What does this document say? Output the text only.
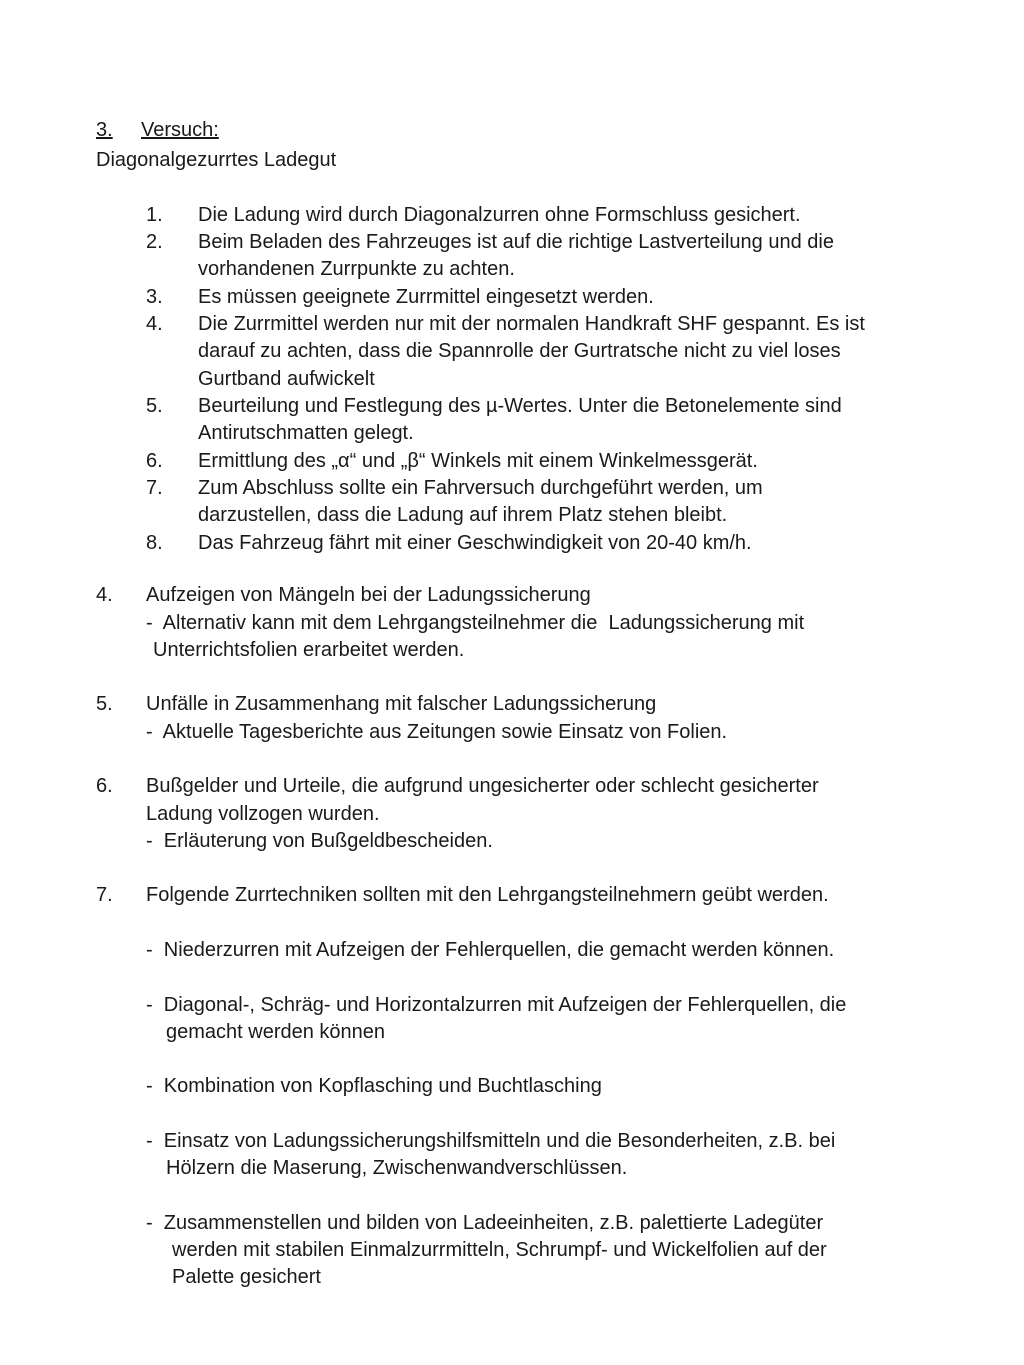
3. Versuch:
Diagonalgezurrtes Ladegut
1. Die Ladung wird durch Diagonalzurren ohne Formschluss gesichert.
2. Beim Beladen des Fahrzeuges ist auf die richtige Lastverteilung und die
vorhandenen Zurrpunkte zu achten.
3. Es müssen geeignete Zurrmittel eingesetzt werden.
4. Die Zurrmittel werden nur mit der normalen Handkraft SHF gespannt. Es ist
darauf zu achten, dass die Spannrolle der Gurtratsche nicht zu viel loses
Gurtband aufwickelt
5. Beurteilung und Festlegung des µ-Wertes. Unter die Betonelemente sind
Antirutschmatten gelegt.
6. Ermittlung des „α“ und „β“ Winkels mit einem Winkelmessgerät.
7. Zum Abschluss sollte ein Fahrversuch durchgeführt werden, um
darzustellen, dass die Ladung auf ihrem Platz stehen bleibt.
8. Das Fahrzeug fährt mit einer Geschwindigkeit von 20-40 km/h.
4. Aufzeigen von Mängeln bei der Ladungssicherung
-  Alternativ kann mit dem Lehrgangsteilnehmer die  Ladungssicherung mit
Unterrichtsfolien erarbeitet werden.
5. Unfälle in Zusammenhang mit falscher Ladungssicherung
-  Aktuelle Tagesberichte aus Zeitungen sowie Einsatz von Folien.
6. Bußgelder und Urteile, die aufgrund ungesicherter oder schlecht gesicherter
Ladung vollzogen wurden.
-  Erläuterung von Bußgeldbescheiden.
7. Folgende Zurrtechniken sollten mit den Lehrgangsteilnehmern geübt werden.
-  Niederzurren mit Aufzeigen der Fehlerquellen, die gemacht werden können.
-  Diagonal-, Schräg- und Horizontalzurren mit Aufzeigen der Fehlerquellen, die
gemacht werden können
-  Kombination von Kopflasching und Buchtlasching
-  Einsatz von Ladungssicherungshilfsmitteln und die Besonderheiten, z.B. bei
Hölzern die Maserung, Zwischenwandverschlüssen.
-  Zusammenstellen und bilden von Ladeeinheiten, z.B. palettierte Ladegüter
werden mit stabilen Einmalzurrmitteln, Schrumpf- und Wickelfolien auf der
Palette gesichert
